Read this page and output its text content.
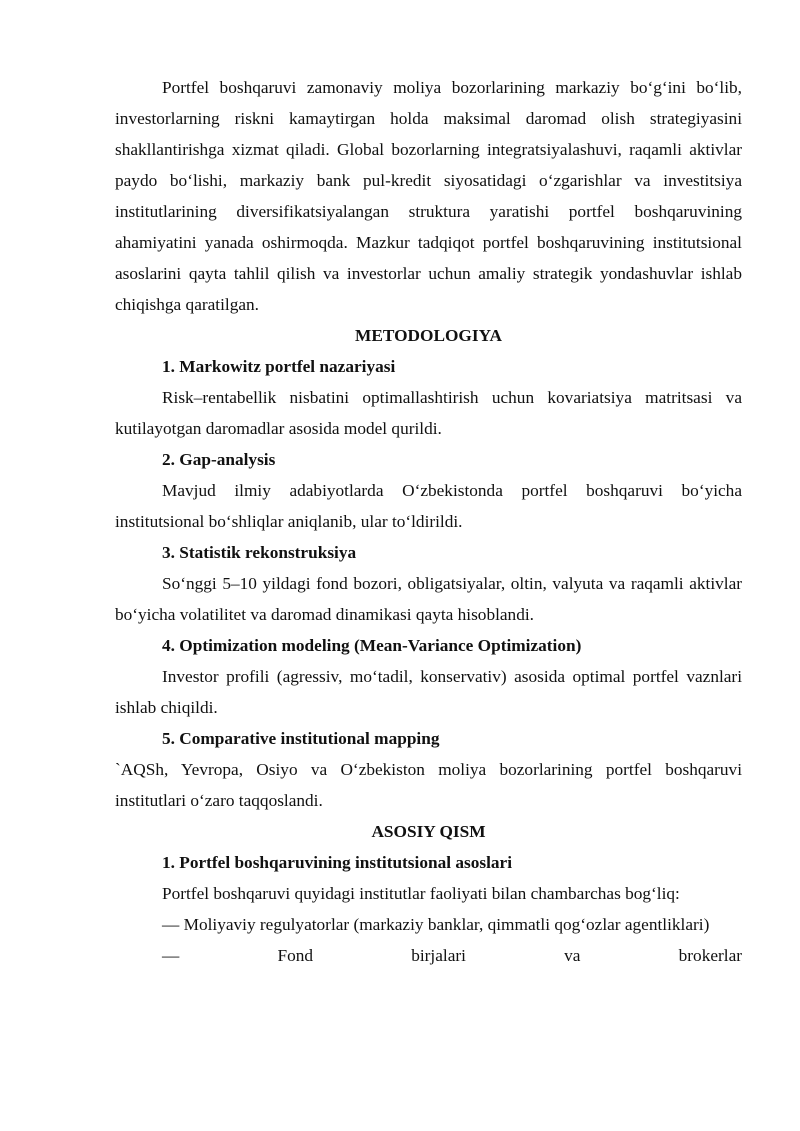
Portfel boshqaruvi zamonaviy moliya bozorlarining markaziy bo‘g‘ini bo‘lib, investorlarning riskni kamaytirgan holda maksimal daromad olish strategiyasini shakllantirishga xizmat qiladi. Global bozorlarning integratsiyalashuvi, raqamli aktivlar paydo bo‘lishi, markaziy bank pul-kredit siyosatidagi o‘zgarishlar va investitsiya institutlarining diversifikatsiyalangan struktura yaratishi portfel boshqaruvining ahamiyatini yanada oshirmoqda. Mazkur tadqiqot portfel boshqaruvining institutsional asoslarini qayta tahlil qilish va investorlar uchun amaliy strategik yondashuvlar ishlab chiqishga qaratilgan.

METODOLOGIYA
1. Markowitz portfel nazariyasi

Risk–rentabellik nisbatini optimallashtirish uchun kovariatsiya matritsasi va kutilayotgan daromadlar asosida model qurildi.

2. Gap-analysis

Mavjud ilmiy adabiyotlarda O‘zbekistonda portfel boshqaruvi bo‘yicha institutsional bo‘shliqlar aniqlanib, ular to‘ldirildi.

3. Statistik rekonstruksiya

So‘nggi 5–10 yildagi fond bozori, obligatsiyalar, oltin, valyuta va raqamli aktivlar bo‘yicha volatilitet va daromad dinamikasi qayta hisoblandi.

4. Optimization modeling (Mean-Variance Optimization)

Investor profili (agressiv, mo‘tadil, konservativ) asosida optimal portfel vaznlari ishlab chiqildi.

5. Comparative institutional mapping

`AQSh, Yevropa, Osiyo va O‘zbekiston moliya bozorlarining portfel boshqaruvi institutlari o‘zaro taqqoslandi.

ASOSIY QISM
1. Portfel boshqaruvining institutsional asoslari

Portfel boshqaruvi quyidagi institutlar faoliyati bilan chambarchas bog‘liq:

— Moliyaviy regulyatorlar (markaziy banklar, qimmatli qog‘ozlar agentliklari)

— Fond birjalari va brokerlar
